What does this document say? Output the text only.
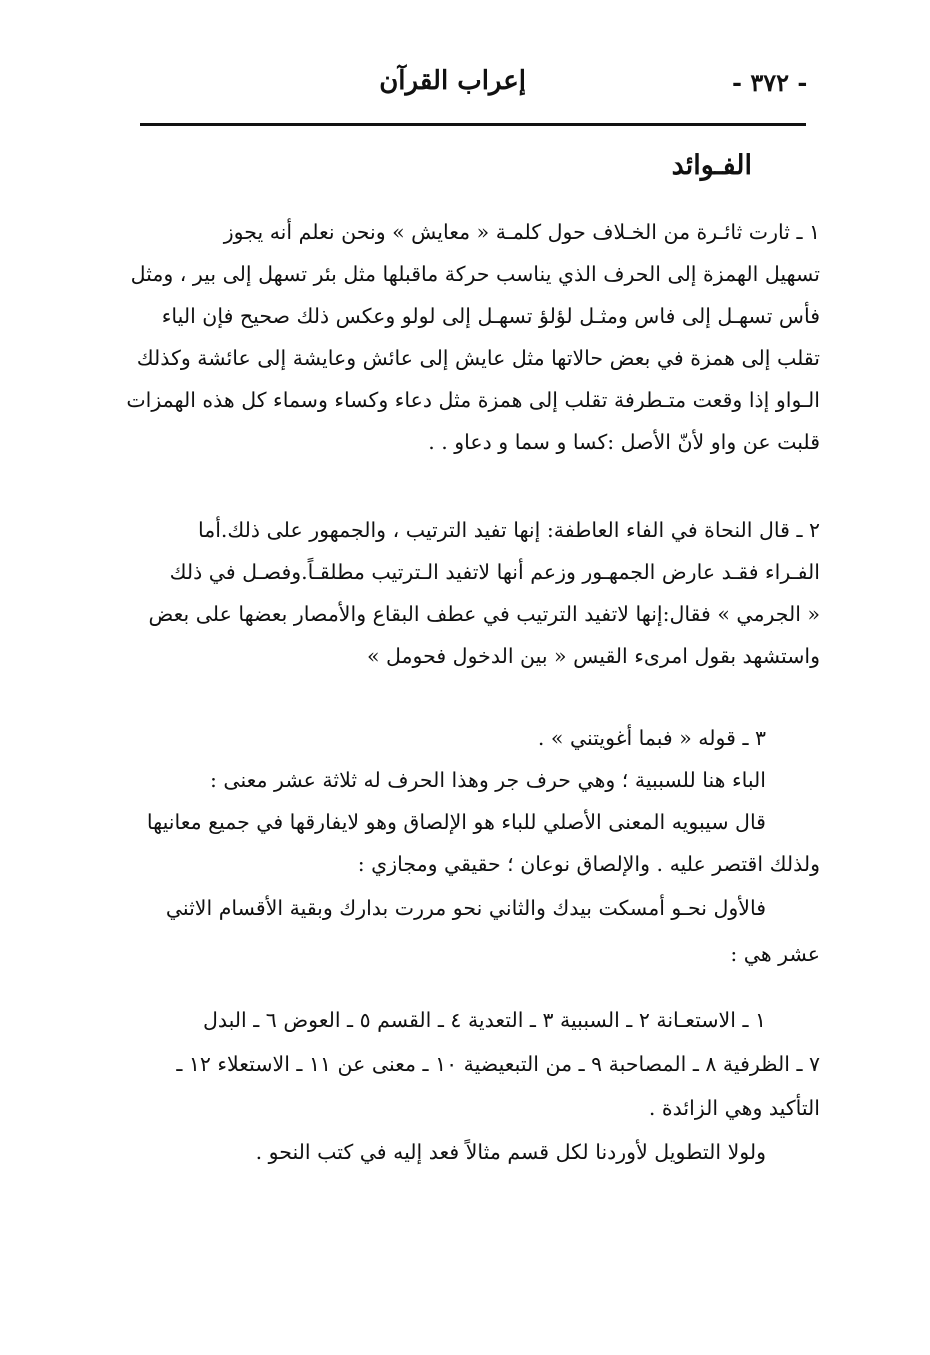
إعراب القرآن	- ٣٧٢ -
الفـوائد
١ ـ ثارت ثائـرة من الخـلاف حول كلمـة « معايش » ونحن نعلم أنه يجوز
تسهيل الهمزة إلى الحرف الذي يناسب حركة ماقبلها مثل بئر تسهل إلى بير ، ومثل
فأس تسهـل إلى فاس ومثـل لؤلؤ تسهـل إلى لولو وعكس ذلك صحيح فإن الياء
تقلب إلى همزة في بعض حالاتها مثل عايش إلى عائش وعايشة إلى عائشة وكذلك
الـواو إذا وقعت متـطرفة تقلب إلى همزة مثل دعاء وكساء وسماء كل هذه الهمزات
قلبت عن واو لأنّ الأصل :كسا و سما و دعاو . .
٢ ـ قال النحاة في الفاء العاطفة: إنها تفيد الترتيب ، والجمهور على ذلك.أما
الفـراء فقـد عارض الجمهـور وزعم أنها لاتفيد الـترتيب مطلقـاً.وفصـل في ذلك
« الجرمي » فقال:إنها لاتفيد الترتيب في عطف البقاع والأمصار بعضها على بعض
واستشهد بقول امرىء القيس « بين الدخول فحومل »
٣ ـ قوله « فبما أغويتني » .
الباء هنا للسببية ؛ وهي حرف جر وهذا الحرف له ثلاثة عشر معنى :
قال سيبويه المعنى الأصلي للباء هو الإلصاق وهو لايفارقها في جميع معانيها
ولذلك اقتصر عليه . والإلصاق نوعان ؛ حقيقي ومجازي :
فالأول نحـو أمسكت بيدك والثاني نحو مررت بدارك وبقية الأقسام الاثني
عشر هي :
١ ـ الاستعـانة ٢ ـ السببية ٣ ـ التعدية ٤ ـ القسم ٥ ـ العوض ٦ ـ البدل
٧ ـ الظرفية ٨ ـ المصاحبة ٩ ـ من التبعيضية ١٠ ـ معنى عن ١١ ـ الاستعلاء ١٢ ـ
التأكيد وهي الزائدة .
ولولا التطويل لأوردنا لكل قسم مثالاً فعد إليه في كتب النحو .
